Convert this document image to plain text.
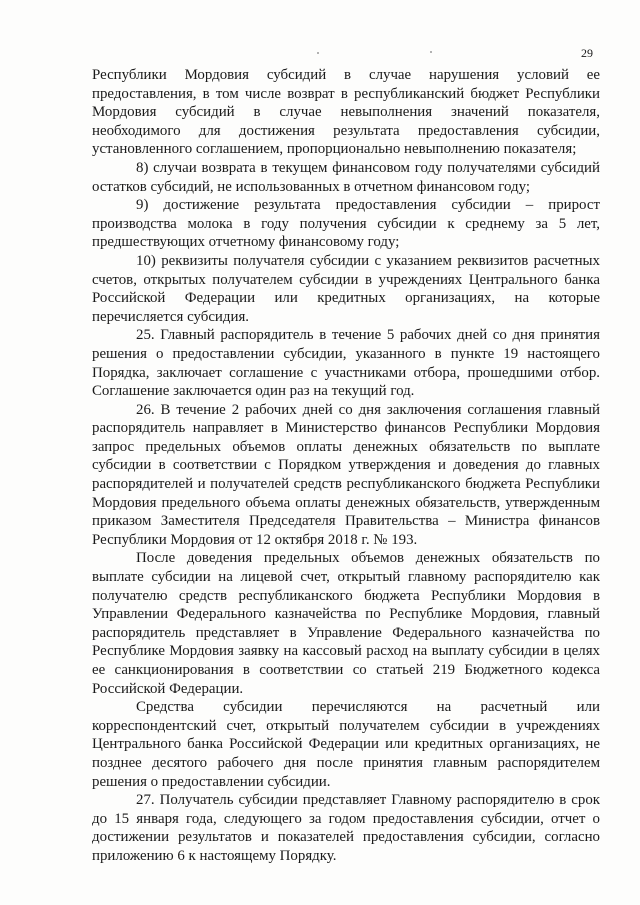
29

Республики Мордовия субсидий в случае нарушения условий ее предоставления, в том числе возврат в республиканский бюджет Республики Мордовия субсидий в случае невыполнения значений показателя, необходимого для достижения результата предоставления субсидии, установленного соглашением, пропорционально невыполнению показателя;

8) случаи возврата в текущем финансовом году получателями субсидий остатков субсидий, не использованных в отчетном финансовом году;

9) достижение результата предоставления субсидии – прирост производства молока в году получения субсидии к среднему за 5 лет, предшествующих отчетному финансовому году;

10) реквизиты получателя субсидии с указанием реквизитов расчетных счетов, открытых получателем субсидии в учреждениях Центрального банка Российской Федерации или кредитных организациях, на которые перечисляется субсидия.

25. Главный распорядитель в течение 5 рабочих дней со дня принятия решения о предоставлении субсидии, указанного в пункте 19 настоящего Порядка, заключает соглашение с участниками отбора, прошедшими отбор. Соглашение заключается один раз на текущий год.

26. В течение 2 рабочих дней со дня заключения соглашения главный распорядитель направляет в Министерство финансов Республики Мордовия запрос предельных объемов оплаты денежных обязательств по выплате субсидии в соответствии с Порядком утверждения и доведения до главных распорядителей и получателей средств республиканского бюджета Республики Мордовия предельного объема оплаты денежных обязательств, утвержденным приказом Заместителя Председателя Правительства – Министра финансов Республики Мордовия от 12 октября 2018 г. № 193.

После доведения предельных объемов денежных обязательств по выплате субсидии на лицевой счет, открытый главному распорядителю как получателю средств республиканского бюджета Республики Мордовия в Управлении Федерального казначейства по Республике Мордовия, главный распорядитель представляет в Управление Федерального казначейства по Республике Мордовия заявку на кассовый расход на выплату субсидии в целях ее санкционирования в соответствии со статьей 219 Бюджетного кодекса Российской Федерации.

Средства субсидии перечисляются на расчетный или корреспондентский счет, открытый получателем субсидии в учреждениях Центрального банка Российской Федерации или кредитных организациях, не позднее десятого рабочего дня после принятия главным распорядителем решения о предоставлении субсидии.

27. Получатель субсидии представляет Главному распорядителю в срок до 15 января года, следующего за годом предоставления субсидии, отчет о достижении результатов и показателей предоставления субсидии, согласно приложению 6 к настоящему Порядку.
